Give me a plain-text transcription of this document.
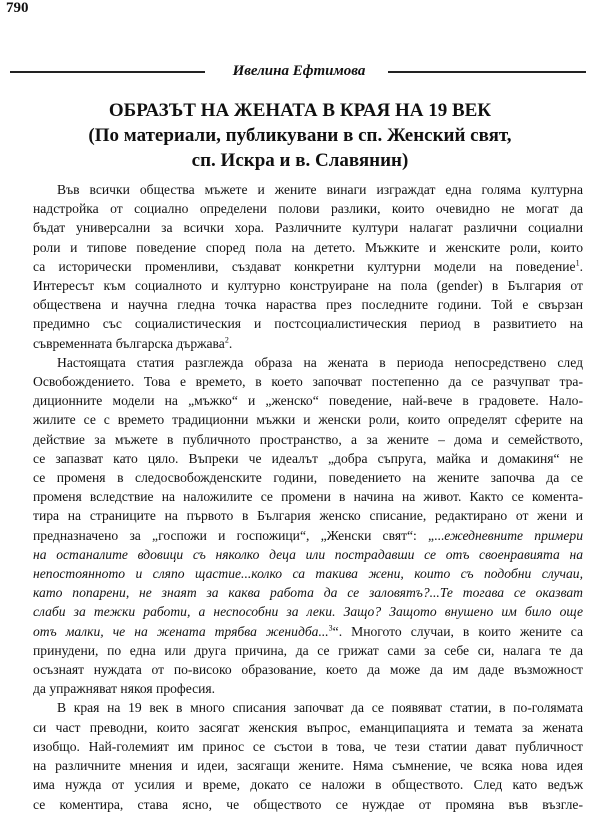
790
Ивелина Ефтимова
ОБРАЗЪТ НА ЖЕНАТА В КРАЯ НА 19 ВЕК
(По материали, публикувани в сп. Женский свят,
сп. Искра и в. Славянин)
Във всички общества мъжете и жените винаги изграждат една голяма културна
надстройка от социално определени полови разлики, които очевидно не могат да
бъдат универсални за всички хора. Различните култури налагат различни социални
роли и типове поведение според пола на детето. Мъжките и женските роли, които
са исторически променливи, създават конкретни културни модели на поведение$^1$.
Интересът към социалното и културно конструиране на пола (gender) в България от
обществена и научна гледна точка нараства през последните години. Той е свързан
предимно със социалистическия и постсоциалистическия период в развитието на
съвременната българска държава$^2$.
Настоящата статия разглежда образа на жената в периода непосредствено след
Освобождението. Това е времето, в което започват постепенно да се разчупват тра-
диционните модели на „мъжко“ и „женско“ поведение, най-вече в градовете. Нало-
жилите се с времето традиционни мъжки и женски роли, които определят сферите на
действие за мъжете в публичното пространство, а за жените – дома и семейството,
се запазват като цяло. Въпреки че идеалът „добра съпруга, майка и домакиня“ не
се променя в следосвобожденските години, поведението на жените започва да се
променя вследствие на наложилите се промени в начина на живот. Както се комента-
тира на страниците на първото в България женско списание, редактирано от жени и
предназначено за „госпожи и госпожици“, „Женски свят“: „...ежедневните примери
на останалите вдовици съ няколко деца или пострадавши се отъ своенравията на
непостоянното и сляпо щастие...колко са такива жени, които съ подобни случаи,
като попарени, не знаят за каква работа да се заловятъ?...Те тогава се оказват
слаби за тежки работи, а неспособни за леки. Защо? Защото внушено им било още
отъ малки, че на жената трябва женидба...$^3$“. Многото случаи, в които жените са
принудени, по една или друга причина, да се грижат сами за себе си, налага те да
осъзнаят нуждата от по-високо образование, което да може да им даде възможност
да упражняват някоя професия.
В края на 19 век в много списания започват да се появяват статии, в по-голямата
си част преводни, които засягат женския въпрос, еманципацията и темата за жената
изобщо. Най-големият им принос се състои в това, че тези статии дават публичност
на различните мнения и идеи, засягащи жените. Няма съмнение, че всяка нова идея
има нужда от усилия и време, докато се наложи в обществото. След като ведъж
се коментира, става ясно, че обществото се нуждае от промяна във възгле-
